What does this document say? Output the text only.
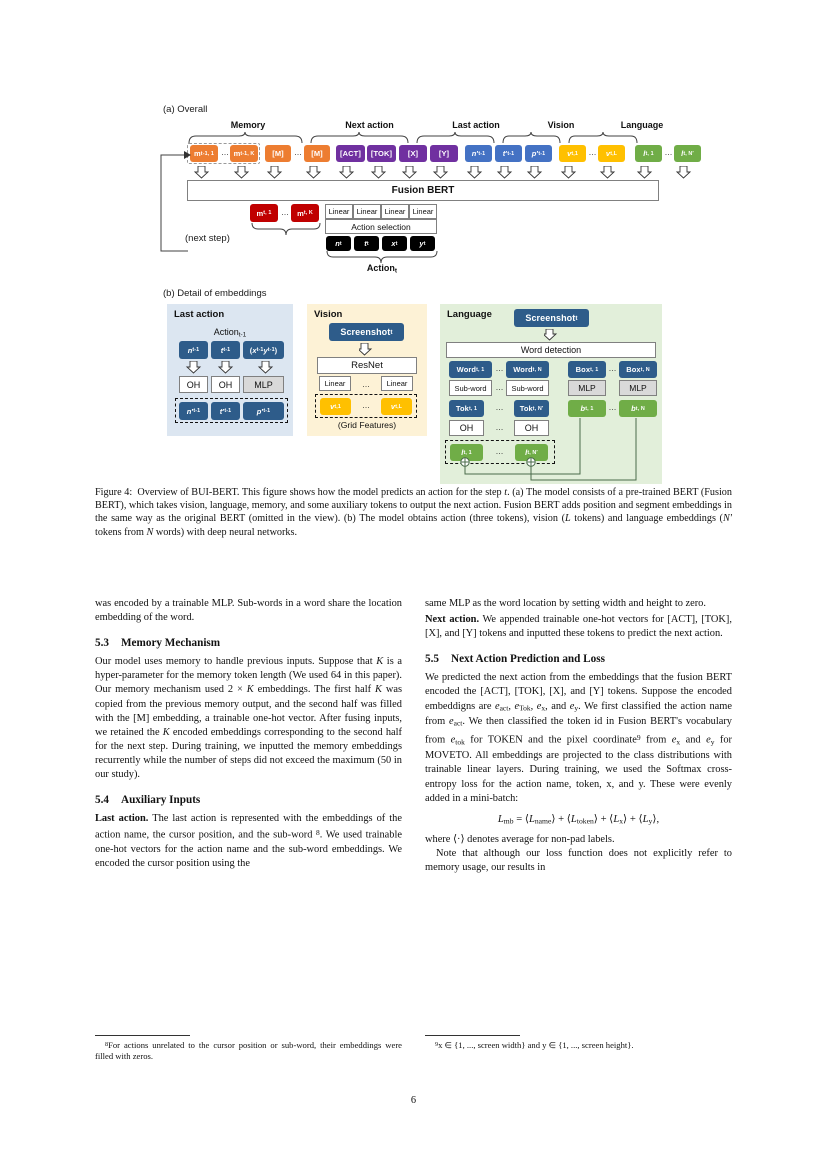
(a) Overall
Memory	Next action	Last action	Vision	Language
m t-1, 1 … m t-1, K	[M]	…	[M]	[ACT]	[TOK]	[X]	[Y]	n ′ t-1 t ′ t-1 p ′ t-1	v t,1 … v t,L	l t, 1 … l t, N′
Fusion BERT
(next step)
m t, 1 …	m t, K	Linear Linear Linear Linear
Action selection
n t	t t	x t	y t
Action$_t$
(b) Detail of embeddings
Last action
Action$_{t-1}$
n t-1	t t-1	( x t-1 y t-1 )
OH	OH	MLP
n ′ t-1	t ′ t-1	p ′ t-1
Vision
Screenshot t
ResNet
Linear	…	Linear
v t,1	…	v t,L
(Grid Features)
Language	Screenshot t
Word detection
Word t, 1 …	Word t, N	Box t, 1 …	Box t, N
Sub-word	…	Sub-word	MLP	MLP
Tok t, 1 …	Tok t, N′	b t, 1 … b t, N
OH	…	OH
l t, 1	…	l t, N′
Figure 4: Overview of BUI-BERT. This figure shows how the model predicts an action for the step t. (a) The model consists of a pre-trained BERT (Fusion BERT), which takes vision, language, memory, and some auxiliary tokens to output the next action. Fusion BERT adds position and segment embeddings in the same way as the original BERT (omitted in the view). (b) The model obtains action (three tokens), vision (L tokens) and language embeddings (N′ tokens from N words) with deep neural networks.

was encoded by a trainable MLP. Sub-words in a word share the location embedding of the word.

5.3 Memory Mechanism

Our model uses memory to handle previous inputs. Suppose that K is a hyper-parameter for the memory token length (We used 64 in this paper). Our memory mechanism used 2 × K embeddings. The first half K was copied from the previous memory output, and the second half was filled with the [M] embedding, a trainable one-hot vector. After fusing inputs, we retained the K encoded embeddings corresponding to the second half for the next step. During training, we inputted the memory embeddings recurrently while the number of steps did not exceed the maximum (50 in our study).

5.4 Auxiliary Inputs

Last action. The last action is represented with the embeddings of the action name, the cursor position, and the sub-word $^8$. We used trainable one-hot vectors for the action name and the sub-word embeddings. We encoded the cursor position using the

$^8$For actions unrelated to the cursor position or sub-word, their embeddings were filled with zeros.

same MLP as the word location by setting width and height to zero.

Next action. We appended trainable one-hot vectors for [ACT], [TOK], [X], and [Y] tokens and inputted these tokens to predict the next action.

5.5 Next Action Prediction and Loss

We predicted the next action from the embeddings that the fusion BERT encoded the [ACT], [TOK], [X], and [Y] tokens. Suppose the encoded embeddigns are $e_{act}$, $e_{Tok}$, $e_x$, and $e_y$. We first classified the action name from $e_{act}$. We then classified the token id in Fusion BERT's vocabulary from $e_{tok}$ for TOKEN and the pixel coordinate$^9$ from $e_x$ and $e_y$ for MOVETO. All embeddings are projected to the class distributions with trainable linear layers. During training, we used the Softmax cross-entropy loss for the action name, token, x, and y. These were evenly added in a mini-batch:

$L_{mb}$ = $⟨L_{name}⟩$ + $⟨L_{token}⟩$ + $⟨L_x⟩$ + $⟨L_y⟩$,

where ⟨·⟩ denotes average for non-pad labels.

Note that although our loss function does not explicitly refer to memory usage, our results in

$^9$x ∈ {1, ..., screen width} and y ∈ {1, ..., screen height}.

6
